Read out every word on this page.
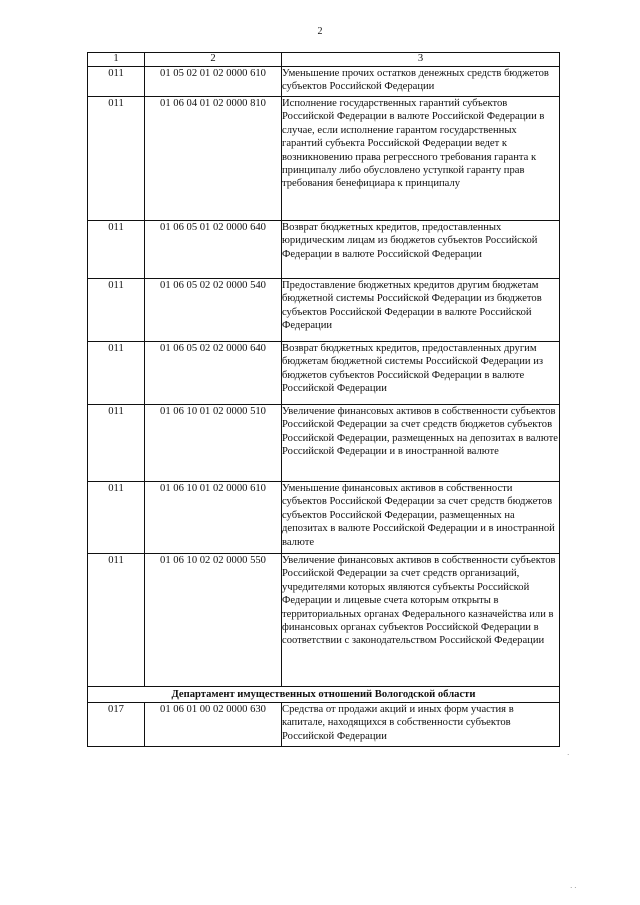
2
1	2	3
011	01 05 02 01 02 0000 610	Уменьшение прочих остатков денежных средств бюджетов субъектов Российской Федерации
011	01 06 04 01 02 0000 810	Исполнение государственных гарантий субъектов Российской Федерации в валюте Российской Федерации в случае, если исполнение гарантом государственных гарантий субъекта Российской Федерации ведет к возникновению права регрессного требования гаранта к принципалу либо обусловлено уступкой гаранту прав требования бенефициара к принципалу
011	01 06 05 01 02 0000 640	Возврат бюджетных кредитов, предоставленных юридическим лицам из бюджетов субъектов Российской Федерации в валюте Российской Федерации
011	01 06 05 02 02 0000 540	Предоставление бюджетных кредитов другим бюджетам бюджетной системы Российской Федерации из бюджетов субъектов Российской Федерации в валюте Российской Федерации
011	01 06 05 02 02 0000 640	Возврат бюджетных кредитов, предоставленных другим бюджетам бюджетной системы Российской Федерации из бюджетов субъектов Российской Федерации в валюте Российской Федерации
011	01 06 10 01 02 0000 510	Увеличение финансовых активов в собственности субъектов Российской Федерации за счет средств бюджетов субъектов Российской Федерации, размещенных на депозитах в валюте Российской Федерации и в иностранной валюте
011	01 06 10 01 02 0000 610	Уменьшение финансовых активов в собственности субъектов Российской Федерации за счет средств бюджетов субъектов Российской Федерации, размещенных на депозитах в валюте Российской Федерации и в иностранной валюте
011	01 06 10 02 02 0000 550	Увеличение финансовых активов в собственности субъектов Российской Федерации за счет средств организаций, учредителями которых являются субъекты Российской Федерации и лицевые счета которым открыты в территориальных органах Федерального казначейства или в финансовых органах субъектов Российской Федерации в соответствии с законодательством Российской Федерации
Департамент имущественных отношений Вологодской области		
017	01 06 01 00 02 0000 630	Средства от продажи акций и иных форм участия в капитале, находящихся в собственности субъектов Российской Федерации
·
· ·
